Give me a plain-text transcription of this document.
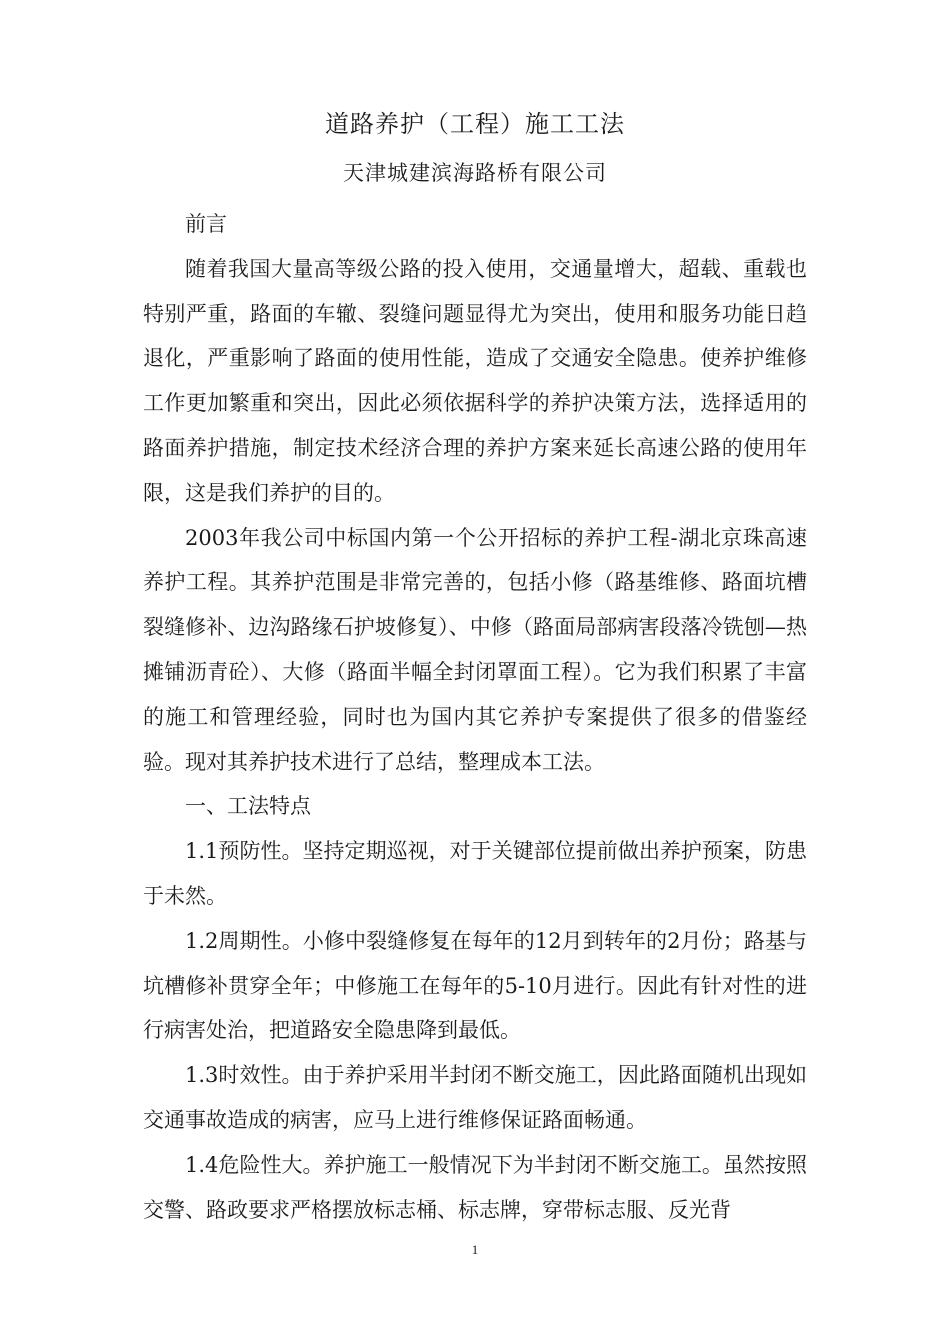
道路养护（工程）施工工法
天津城建滨海路桥有限公司

前言

随着我国大量高等级公路的投入使用，交通量增大，超载、重载也特别严重，路面的车辙、裂缝问题显得尤为突出，使用和服务功能日趋退化，严重影响了路面的使用性能，造成了交通安全隐患。使养护维修工作更加繁重和突出，因此必须依据科学的养护决策方法，选择适用的路面养护措施，制定技术经济合理的养护方案来延长高速公路的使用年限，这是我们养护的目的。

2003年我公司中标国内第一个公开招标的养护工程-湖北京珠高速养护工程。其养护范围是非常完善的，包括小修（路基维修、路面坑槽裂缝修补、边沟路缘石护坡修复）、中修（路面局部病害段落冷铣刨—热摊铺沥青砼）、大修（路面半幅全封闭罩面工程）。它为我们积累了丰富的施工和管理经验，同时也为国内其它养护专案提供了很多的借鉴经验。现对其养护技术进行了总结，整理成本工法。

一、工法特点

1.1预防性。坚持定期巡视，对于关键部位提前做出养护预案，防患于未然。

1.2周期性。小修中裂缝修复在每年的12月到转年的2月份；路基与坑槽修补贯穿全年；中修施工在每年的5-10月进行。因此有针对性的进行病害处治，把道路安全隐患降到最低。

1.3时效性。由于养护采用半封闭不断交施工，因此路面随机出现如交通事故造成的病害，应马上进行维修保证路面畅通。

1.4危险性大。养护施工一般情况下为半封闭不断交施工。虽然按照交警、路政要求严格摆放标志桶、标志牌，穿带标志服、反光背

1
